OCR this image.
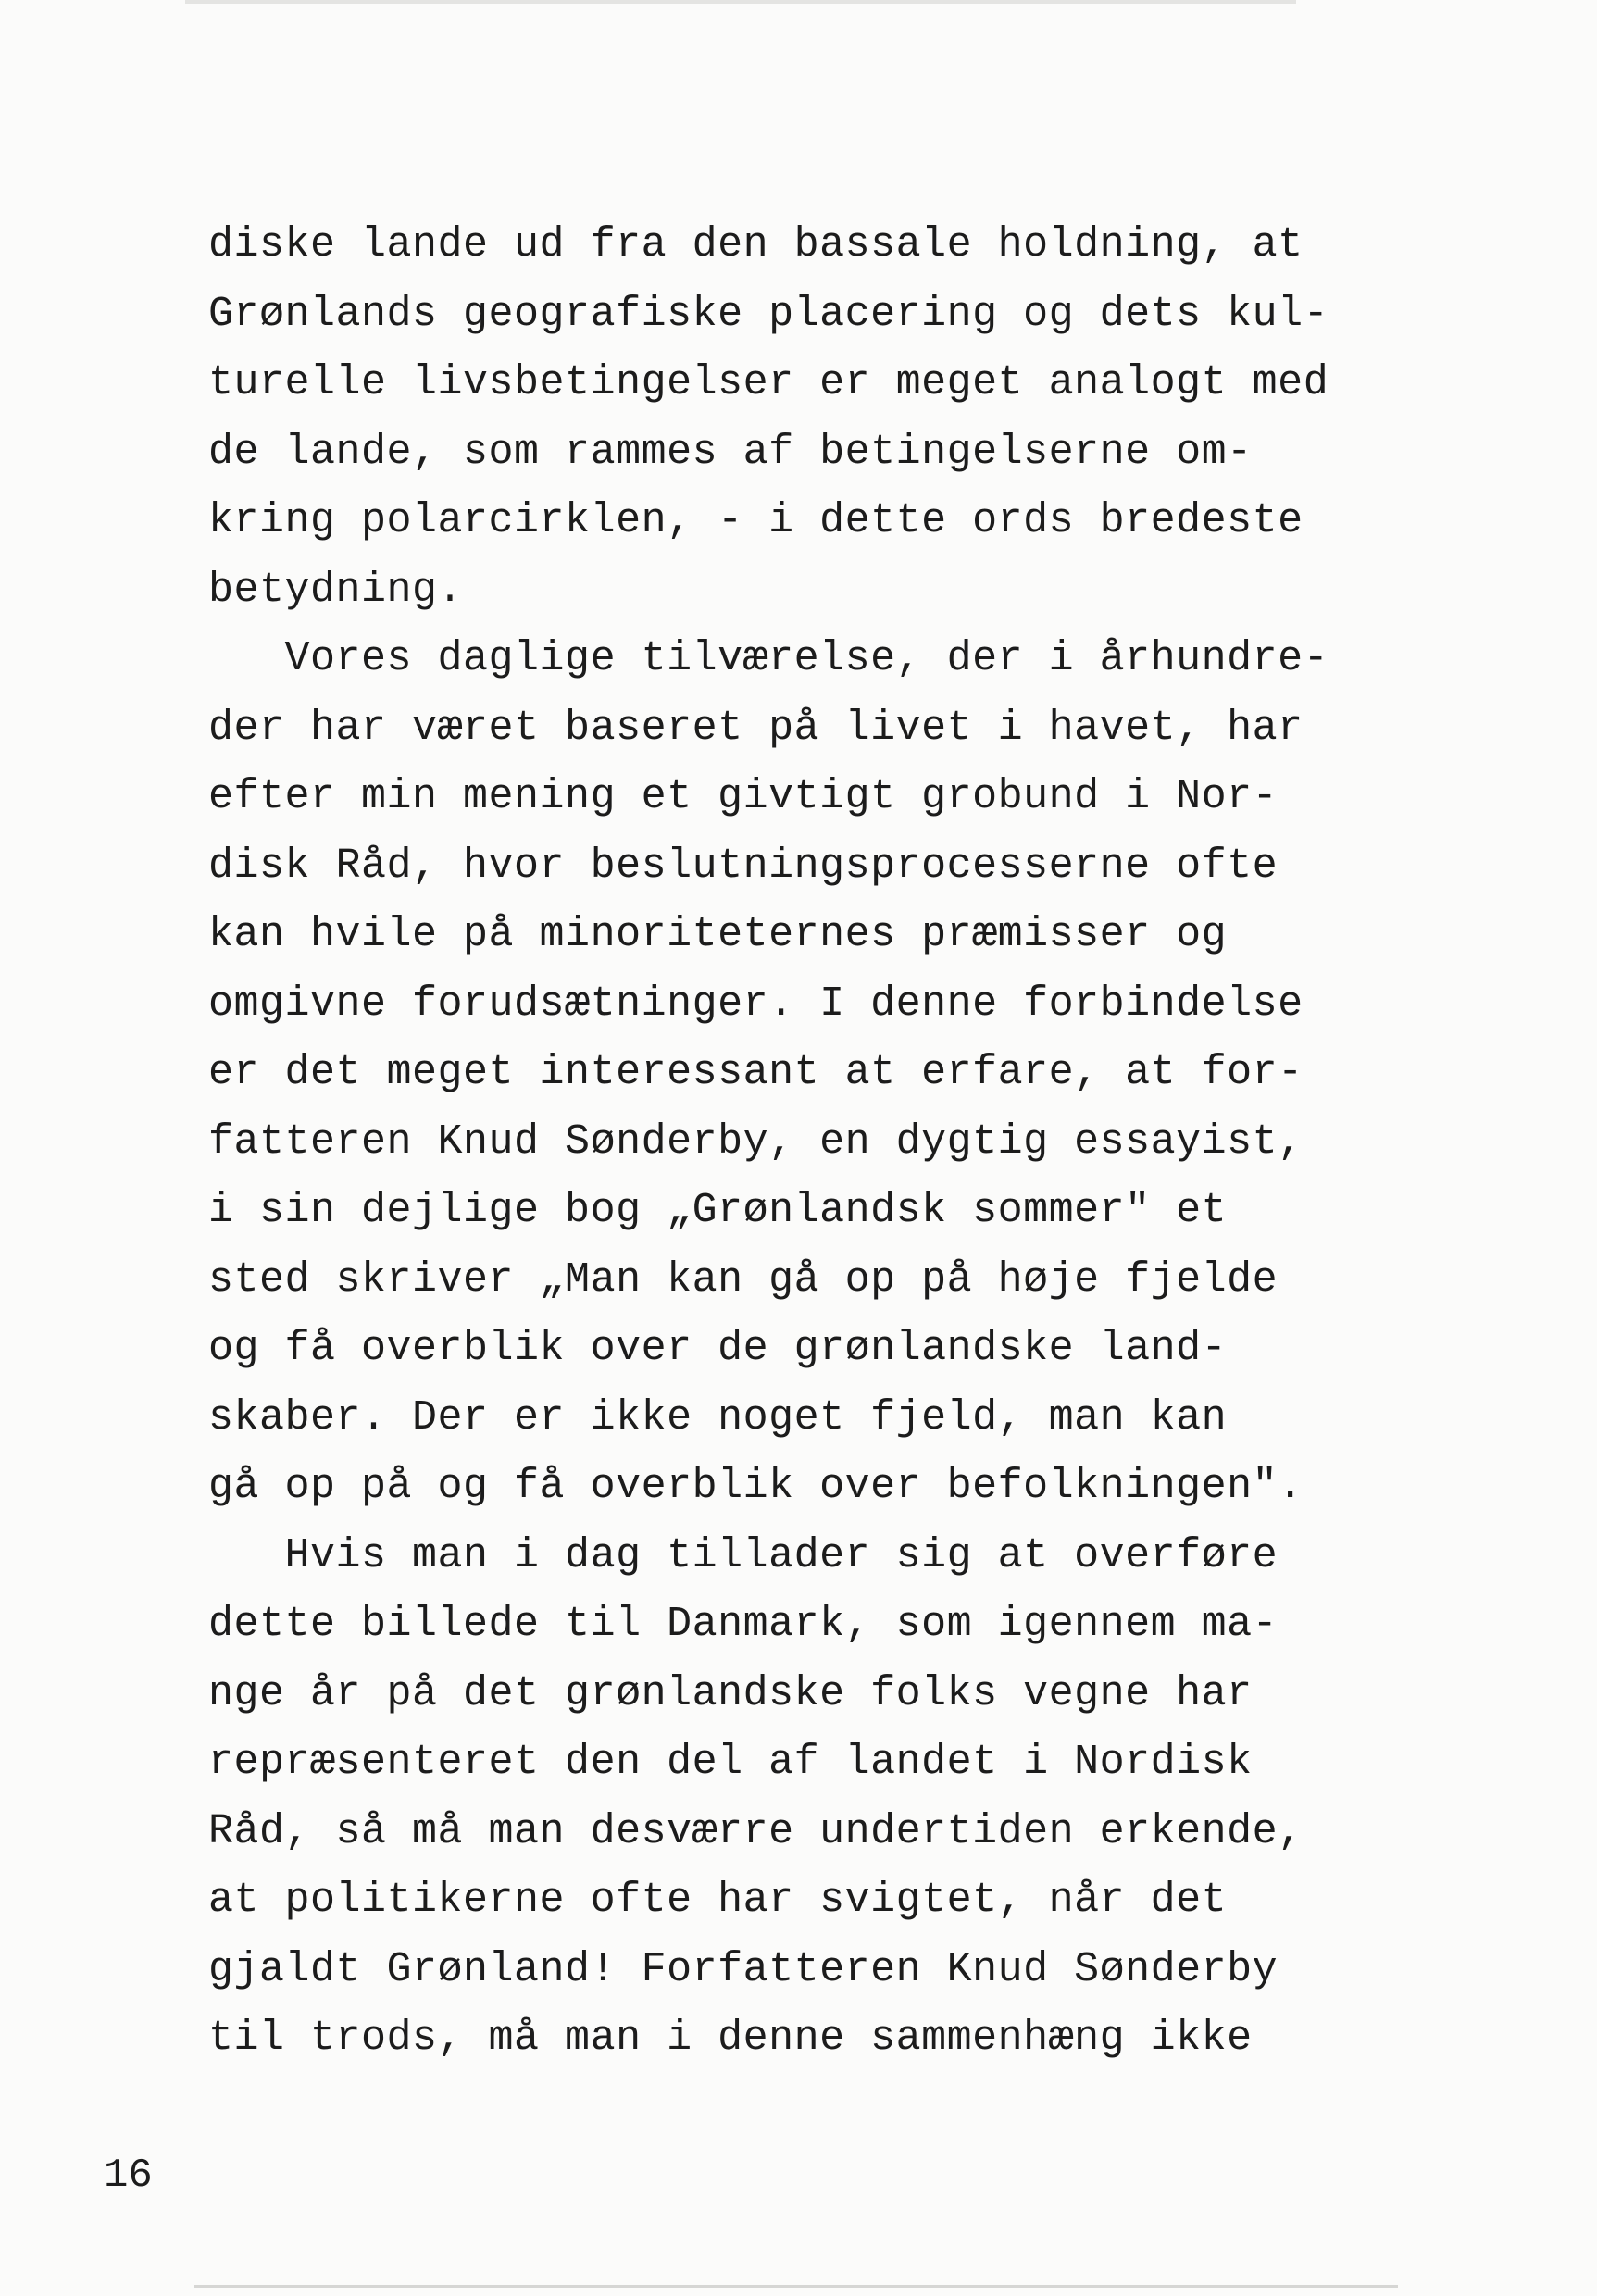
diske lande ud fra den bassale holdning, at
Grønlands geografiske placering og dets kul-
turelle livsbetingelser er meget analogt med
de lande, som rammes af betingelserne om-
kring polarcirklen, - i dette ords bredeste
betydning.
Vores daglige tilværelse, der i århundre-
der har været baseret på livet i havet, har
efter min mening et givtigt grobund i Nor-
disk Råd, hvor beslutningsprocesserne ofte
kan hvile på minoriteternes præmisser og
omgivne forudsætninger. I denne forbindelse
er det meget interessant at erfare, at for-
fatteren Knud Sønderby, en dygtig essayist,
i sin dejlige bog „Grønlandsk sommer" et
sted skriver „Man kan gå op på høje fjelde
og få overblik over de grønlandske land-
skaber. Der er ikke noget fjeld, man kan
gå op på og få overblik over befolkningen".
Hvis man i dag tillader sig at overføre
dette billede til Danmark, som igennem ma-
nge år på det grønlandske folks vegne har
repræsenteret den del af landet i Nordisk
Råd, så må man desværre undertiden erkende,
at politikerne ofte har svigtet, når det
gjaldt Grønland! Forfatteren Knud Sønderby
til trods, må man i denne sammenhæng ikke
16
